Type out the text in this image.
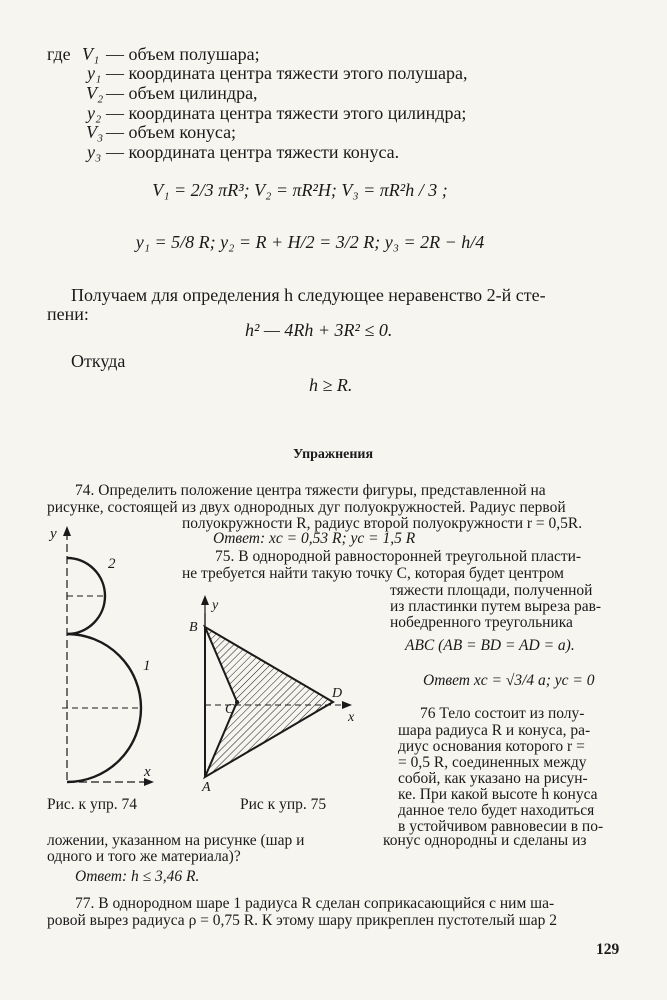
где V₁ — объем полушара;
y₁ — координата центра тяжести этого полушара,
V₂ — объем цилиндра,
y₂ — координата центра тяжести этого цилиндра;
V₃ — объем конуса;
y₃ — координата центра тяжести конуса.
V₁ = 2/3 πR³; V₂ = πR²H; V₃ = πR²h / 3 ;
y₁ = 5/8 R; y₂ = R + H/2 = 3/2 R; y₃ = 2R − h/4
Получаем для определения h следующее неравенство 2-й сте-
пени:
h² — 4Rh + 3R² ≤ 0.
Откуда
h ≥ R.
Упражнения
74. Определить положение центра тяжести фигуры, представленной на
рисунке, состоящей из двух однородных дуг полуокружностей. Радиус первой
полуокружности R, радиус второй полуокружности r = 0,5R.
Ответ: xc = 0,53 R; yc = 1,5 R
75. В однородной равносторонней треугольной пласти-
не требуется найти такую точку C, которая будет центром
тяжести площади, полученной
из пластинки путем выреза рав-
нобедренного треугольника
ABC (AB = BD = AD = a).
Ответ xc = √3/4 a; yc = 0
76 Тело состоит из полу-
шара радиуса R и конуса, ра-
диус основания которого r =
= 0,5 R, соединенных между
собой, как указано на рисун-
ке. При какой высоте h конуса
данное тело будет находиться
в устойчивом равновесии в по-
ложении, указанном на рисунке (шар и	конус однородны и сделаны из
одного и того же материала)?
Ответ: h ≤ 3,46 R.
77. В однородном шаре 1 радиуса R сделан соприкасающийся с ним ша-
ровой вырез радиуса ρ = 0,75 R. К этому шару прикреплен пустотелый шар 2
129
y
x
1
2
y
x
B
C
D
A
Рис. к упр. 74	Рис к упр. 75
